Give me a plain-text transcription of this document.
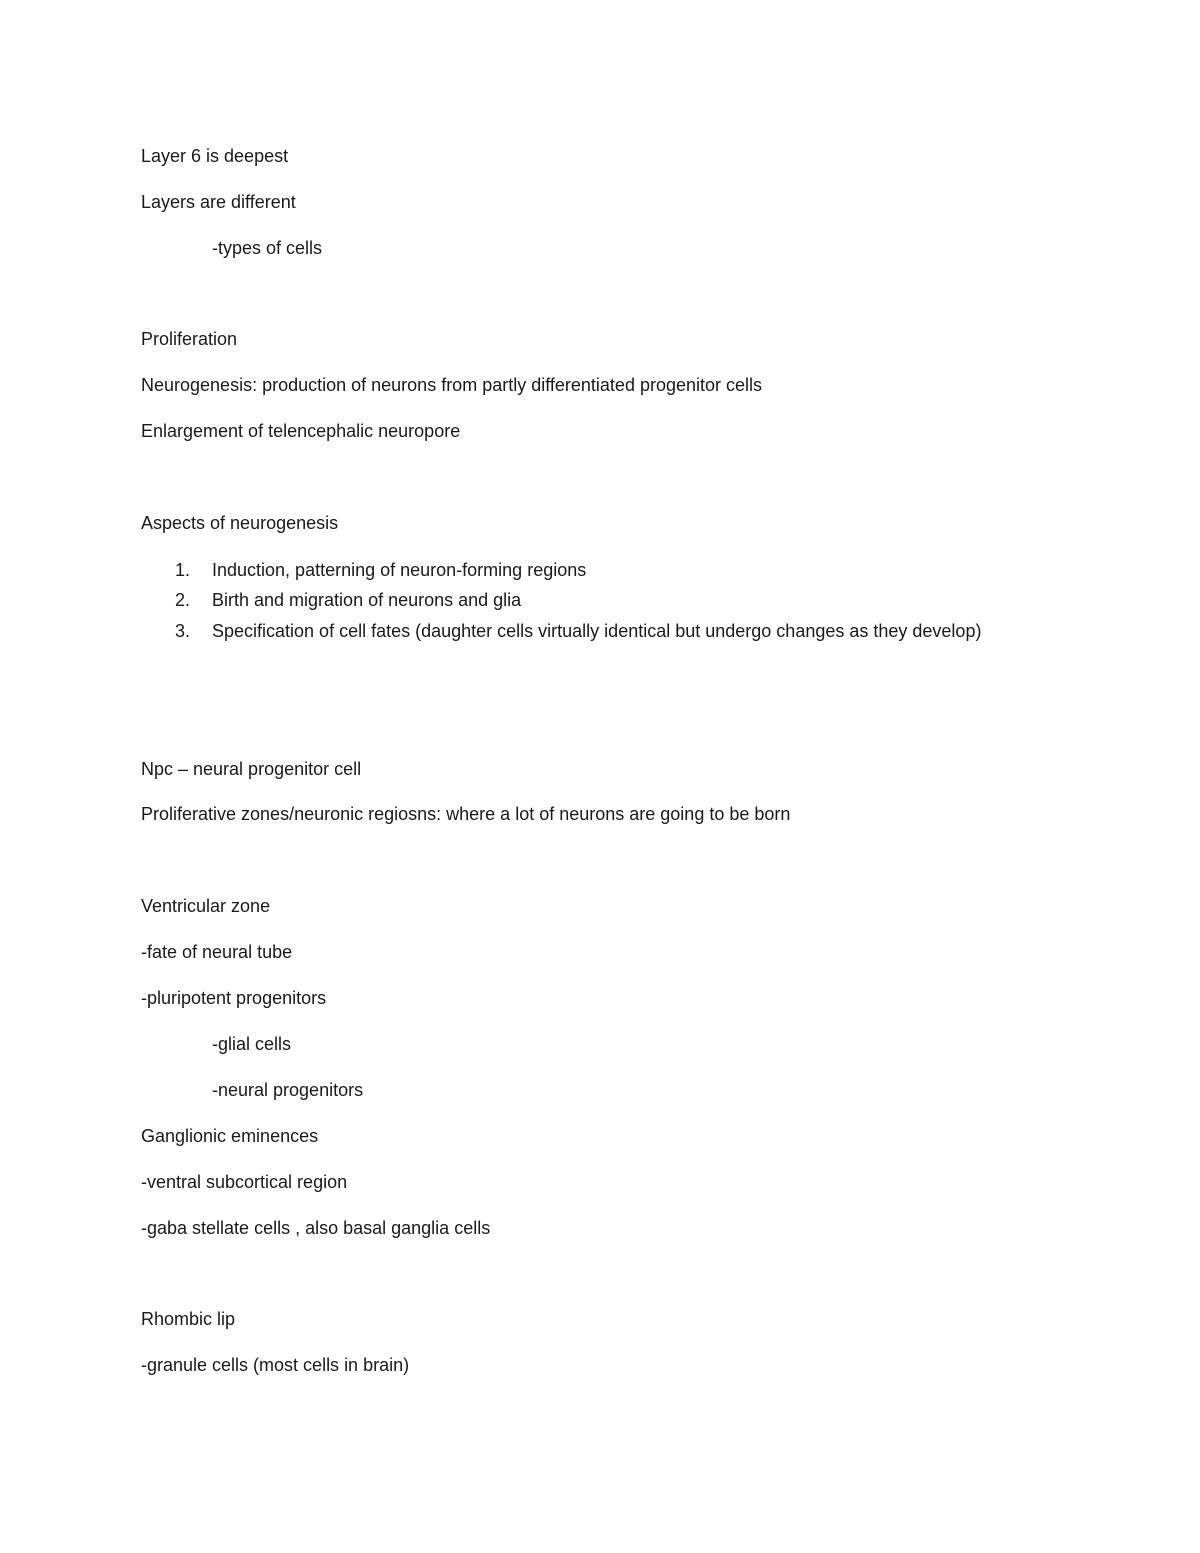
Layer 6 is deepest
Layers are different
-types of cells
Proliferation
Neurogenesis: production of neurons from partly differentiated progenitor cells
Enlargement of telencephalic neuropore
Aspects of neurogenesis
1. Induction, patterning of neuron-forming regions
2. Birth and migration of neurons and glia
3. Specification of cell fates (daughter cells virtually identical but undergo changes as they develop)
Npc – neural progenitor cell
Proliferative zones/neuronic regiosns: where a lot of neurons are going to be born
Ventricular zone
-fate of neural tube
-pluripotent progenitors
-glial cells
-neural progenitors
Ganglionic eminences
-ventral subcortical region
-gaba stellate cells , also basal ganglia cells
Rhombic lip
-granule cells (most cells in brain)
